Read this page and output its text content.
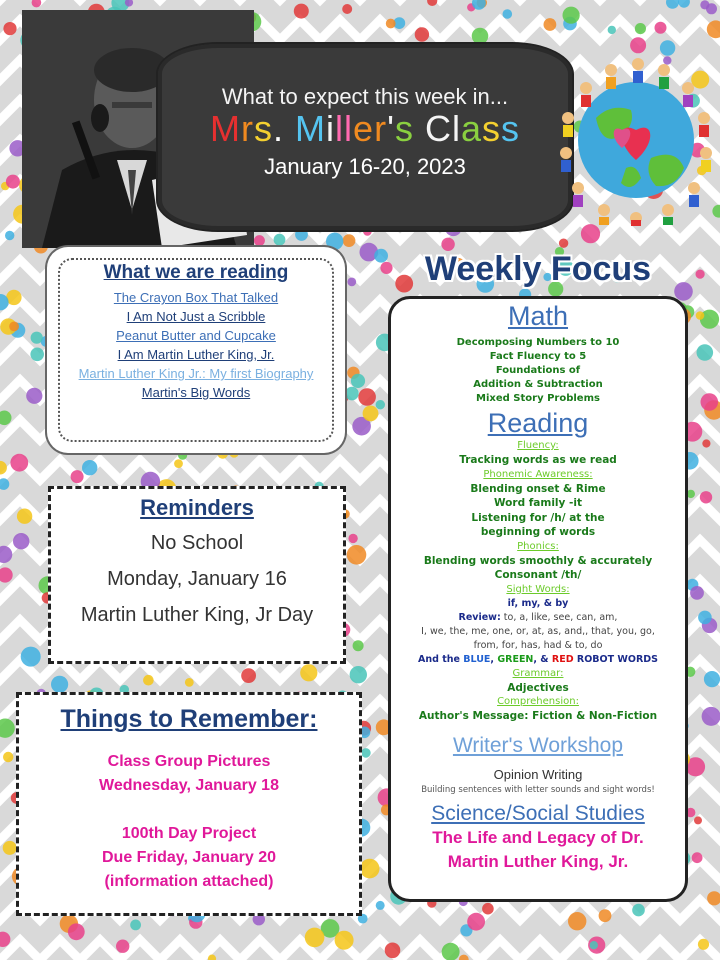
What to expect this week in...
Mrs. Miller's Class
January 16-20, 2023
What we are reading
The Crayon Box That Talked
I Am Not Just a Scribble
Peanut Butter and Cupcake
I Am Martin Luther King, Jr.
Martin Luther King Jr.: My first Biography
Martin's Big Words
Reminders
No School
Monday, January 16
Martin Luther King, Jr Day
Things to Remember:
Class Group Pictures
Wednesday, January 18
100th Day Project
Due Friday, January 20
(information attached)
Weekly Focus
Math
Decomposing Numbers to 10
Fact Fluency to 5
Foundations of
Addition & Subtraction
Mixed Story Problems
Reading
Fluency:
Tracking words as we read
Phonemic Awareness:
Blending onset & Rime
Word family -it
Listening for /h/ at the
beginning of words
Phonics:
Blending words smoothly & accurately
Consonant /th/
Sight Words:
if, my, & by
Review: to, a, like, see, can, am,
I, we, the, me, one, or, at, as, and,, that, you, go,
from, for, has, had & to, do
And the BLUE, GREEN, & RED ROBOT WORDS
Grammar:
Adjectives
Comprehension:
Author's Message: Fiction & Non-Fiction
Writer's Workshop
Opinion Writing
Building sentences with letter sounds and sight words!
Science/Social Studies
The Life and Legacy of Dr.
Martin Luther King, Jr.
